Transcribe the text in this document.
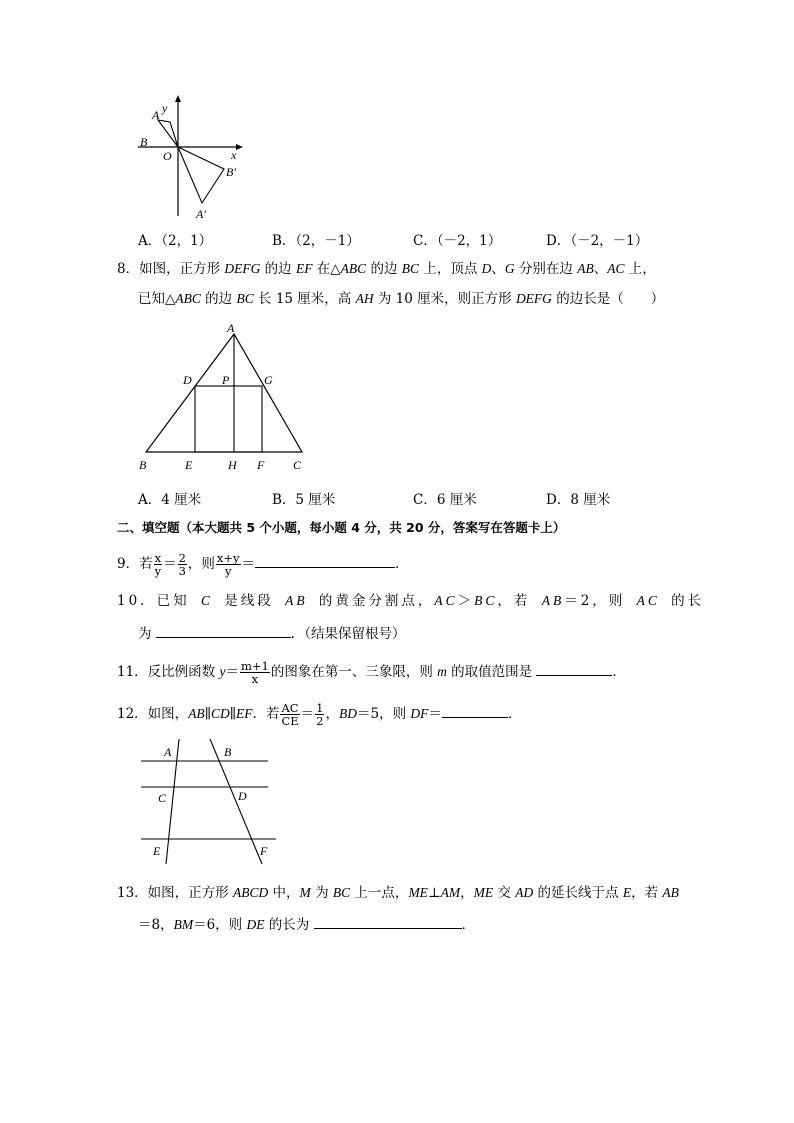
y
A
B
O	x
B′
A′
A．（2，1）	B．（2，－1）	C．（－2，1）	D．（－2，－1）
8．如图，正方形 DEFG 的边 EF 在△ABC 的边 BC 上，顶点 D、G 分别在边 AB、AC 上，
已知△ABC 的边 BC 长 15 厘米，高 AH 为 10 厘米，则正方形 DEFG 的边长是（　　）
A
D	P	G
B	E	H F C
A．4 厘米	B．5 厘米	C．6 厘米	D．8 厘米
二、填空题（本大题共 5 个小题，每小题 4 分，共 20 分，答案写在答题卡上）
9．若 $\frac{x}{y} = \frac{2}{3}$ ，则 $\frac{x+y}{y}$ ＝	．
10．已知 C 是线段 AB 的黄金分割点，AC＞BC，若 AB＝2，则 AC 的长
为	．（结果保留根号）
11．反比例函数 $y= \frac{m+1}{x}$ 的图象在第一、三象限，则 m 的取值范围是	．
12．如图，AB∥CD∥EF．若 $\frac{AC}{CE} = \frac{1}{2}$ ，BD＝5，则 DF＝	．
A	B
C	D
E	F
13．如图，正方形 ABCD 中，M 为 BC 上一点，ME⊥AM，ME 交 AD 的延长线于点 E，若 AB
＝8，BM＝6，则 DE 的长为	．
